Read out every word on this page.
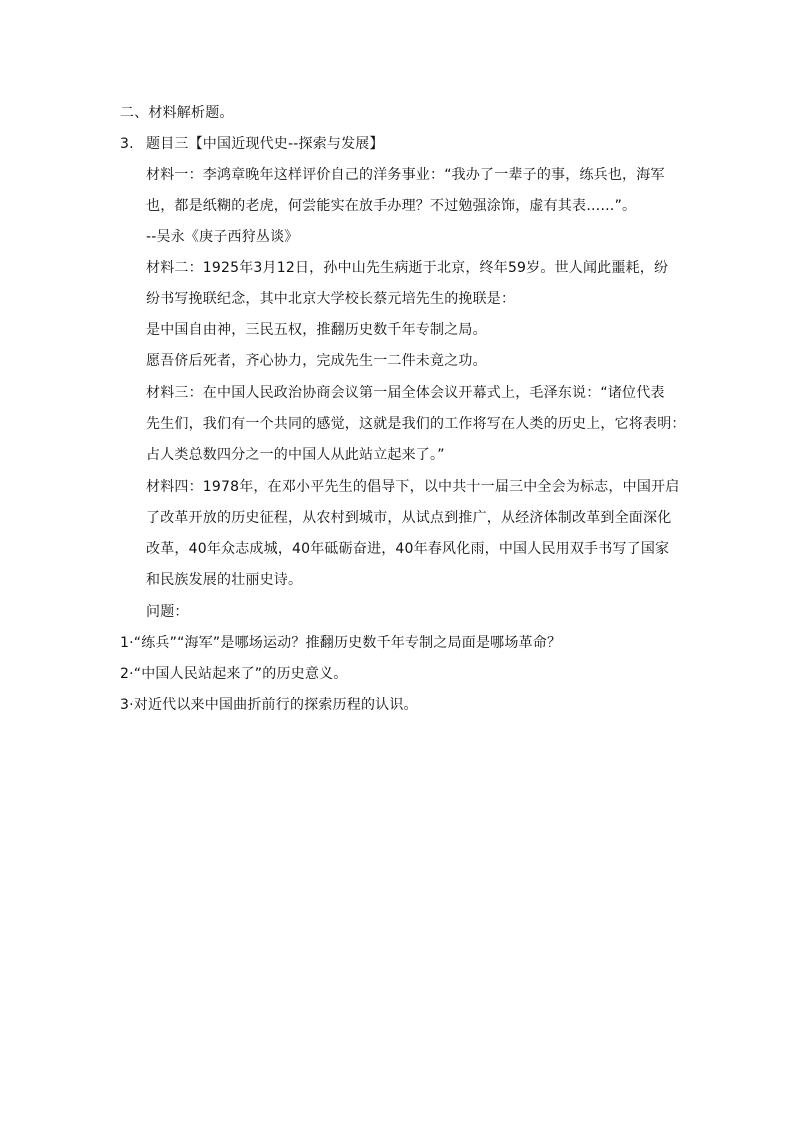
二、材料解析题。
3. 题目三【中国近现代史--探索与发展】
材料一：李鸿章晚年这样评价自己的洋务事业：“我办了一辈子的事，练兵也，海军
也，都是纸糊的老虎，何尝能实在放手办理？不过勉强涂饰，虚有其表……”。
--吴永《庚子西狩丛谈》
材料二：1925年3月12日，孙中山先生病逝于北京，终年59岁。世人闻此噩耗，纷
纷书写挽联纪念，其中北京大学校长蔡元培先生的挽联是：
是中国自由神，三民五权，推翻历史数千年专制之局。
愿吾侪后死者，齐心协力，完成先生一二件未竟之功。
材料三：在中国人民政治协商会议第一届全体会议开幕式上，毛泽东说：“诸位代表
先生们，我们有一个共同的感觉，这就是我们的工作将写在人类的历史上，它将表明：
占人类总数四分之一的中国人从此站立起来了。”
材料四：1978年，在邓小平先生的倡导下，以中共十一届三中全会为标志，中国开启
了改革开放的历史征程，从农村到城市，从试点到推广，从经济体制改革到全面深化
改革，40年众志成城，40年砥砺奋进，40年春风化雨，中国人民用双手书写了国家
和民族发展的壮丽史诗。
问题：
1·“练兵”“海军”是哪场运动？推翻历史数千年专制之局面是哪场革命？
2·“中国人民站起来了”的历史意义。
3·对近代以来中国曲折前行的探索历程的认识。
